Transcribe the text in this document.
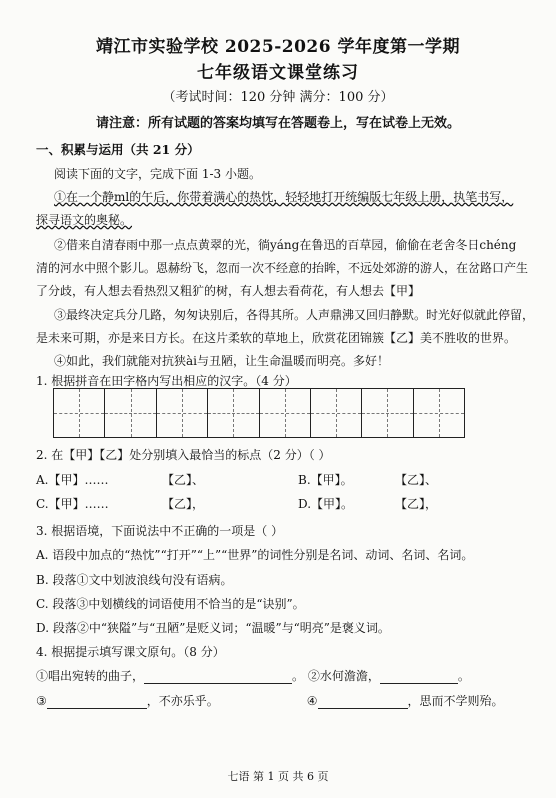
靖江市实验学校 2025-2026 学年度第一学期
七年级语文课堂练习
（考试时间：120 分钟 满分：100 分）
请注意：所有试题的答案均填写在答题卷上，写在试卷上无效。
一、积累与运用（共 21 分）
阅读下面的文字，完成下面 1-3 小题。
①在一个静ml的午后，你带着满心的热忱，轻轻地打开统编版七年级上册，执笔书写，
探寻语文的奥秘。
②借来自清春雨中那一点点黄翠的光，徜yáng在鲁迅的百草园，偷偷在老舍冬日chéng
清的河水中照个影儿。恩赫纷飞，忽而一次不经意的抬眸，不远处郊游的游人，在岔路口产生
了分歧，有人想去看热烈又粗犷的树，有人想去看荷花，有人想去【甲】
③最终决定兵分几路，匆匆诀别后，各得其所。人声鼎沸又回归静默。时光好似就此停留，
是未来可期，亦是来日方长。在这片柔软的草地上，欣赏花团锦簇【乙】美不胜收的世界。
④如此，我们就能对抗狭ài与丑陋，让生命温暖而明亮。多好！
1. 根据拼音在田字格内写出相应的汉字。（4 分）
2. 在【甲】【乙】处分别填入最恰当的标点（2 分）（ ）
A.【甲】……	【乙】、	B.【甲】。	【乙】、
C.【甲】……	【乙】，	D.【甲】。	【乙】，
3. 根据语境，下面说法中不正确的一项是（ ）
A. 语段中加点的“热忱”“打开”“上”“世界”的词性分别是名词、动词、名词、名词。
B. 段落①文中划波浪线句没有语病。
C. 段落③中划横线的词语使用不恰当的是“诀别”。
D. 段落②中“狭隘”与“丑陋”是贬义词；“温暖”与“明亮”是褒义词。
4. 根据提示填写课文原句。（8 分）
①唱出宛转的曲子，	。 ②水何澹澹，	。
③	，不亦乐乎。	④	，思而不学则殆。
七语 第 1 页 共 6 页
